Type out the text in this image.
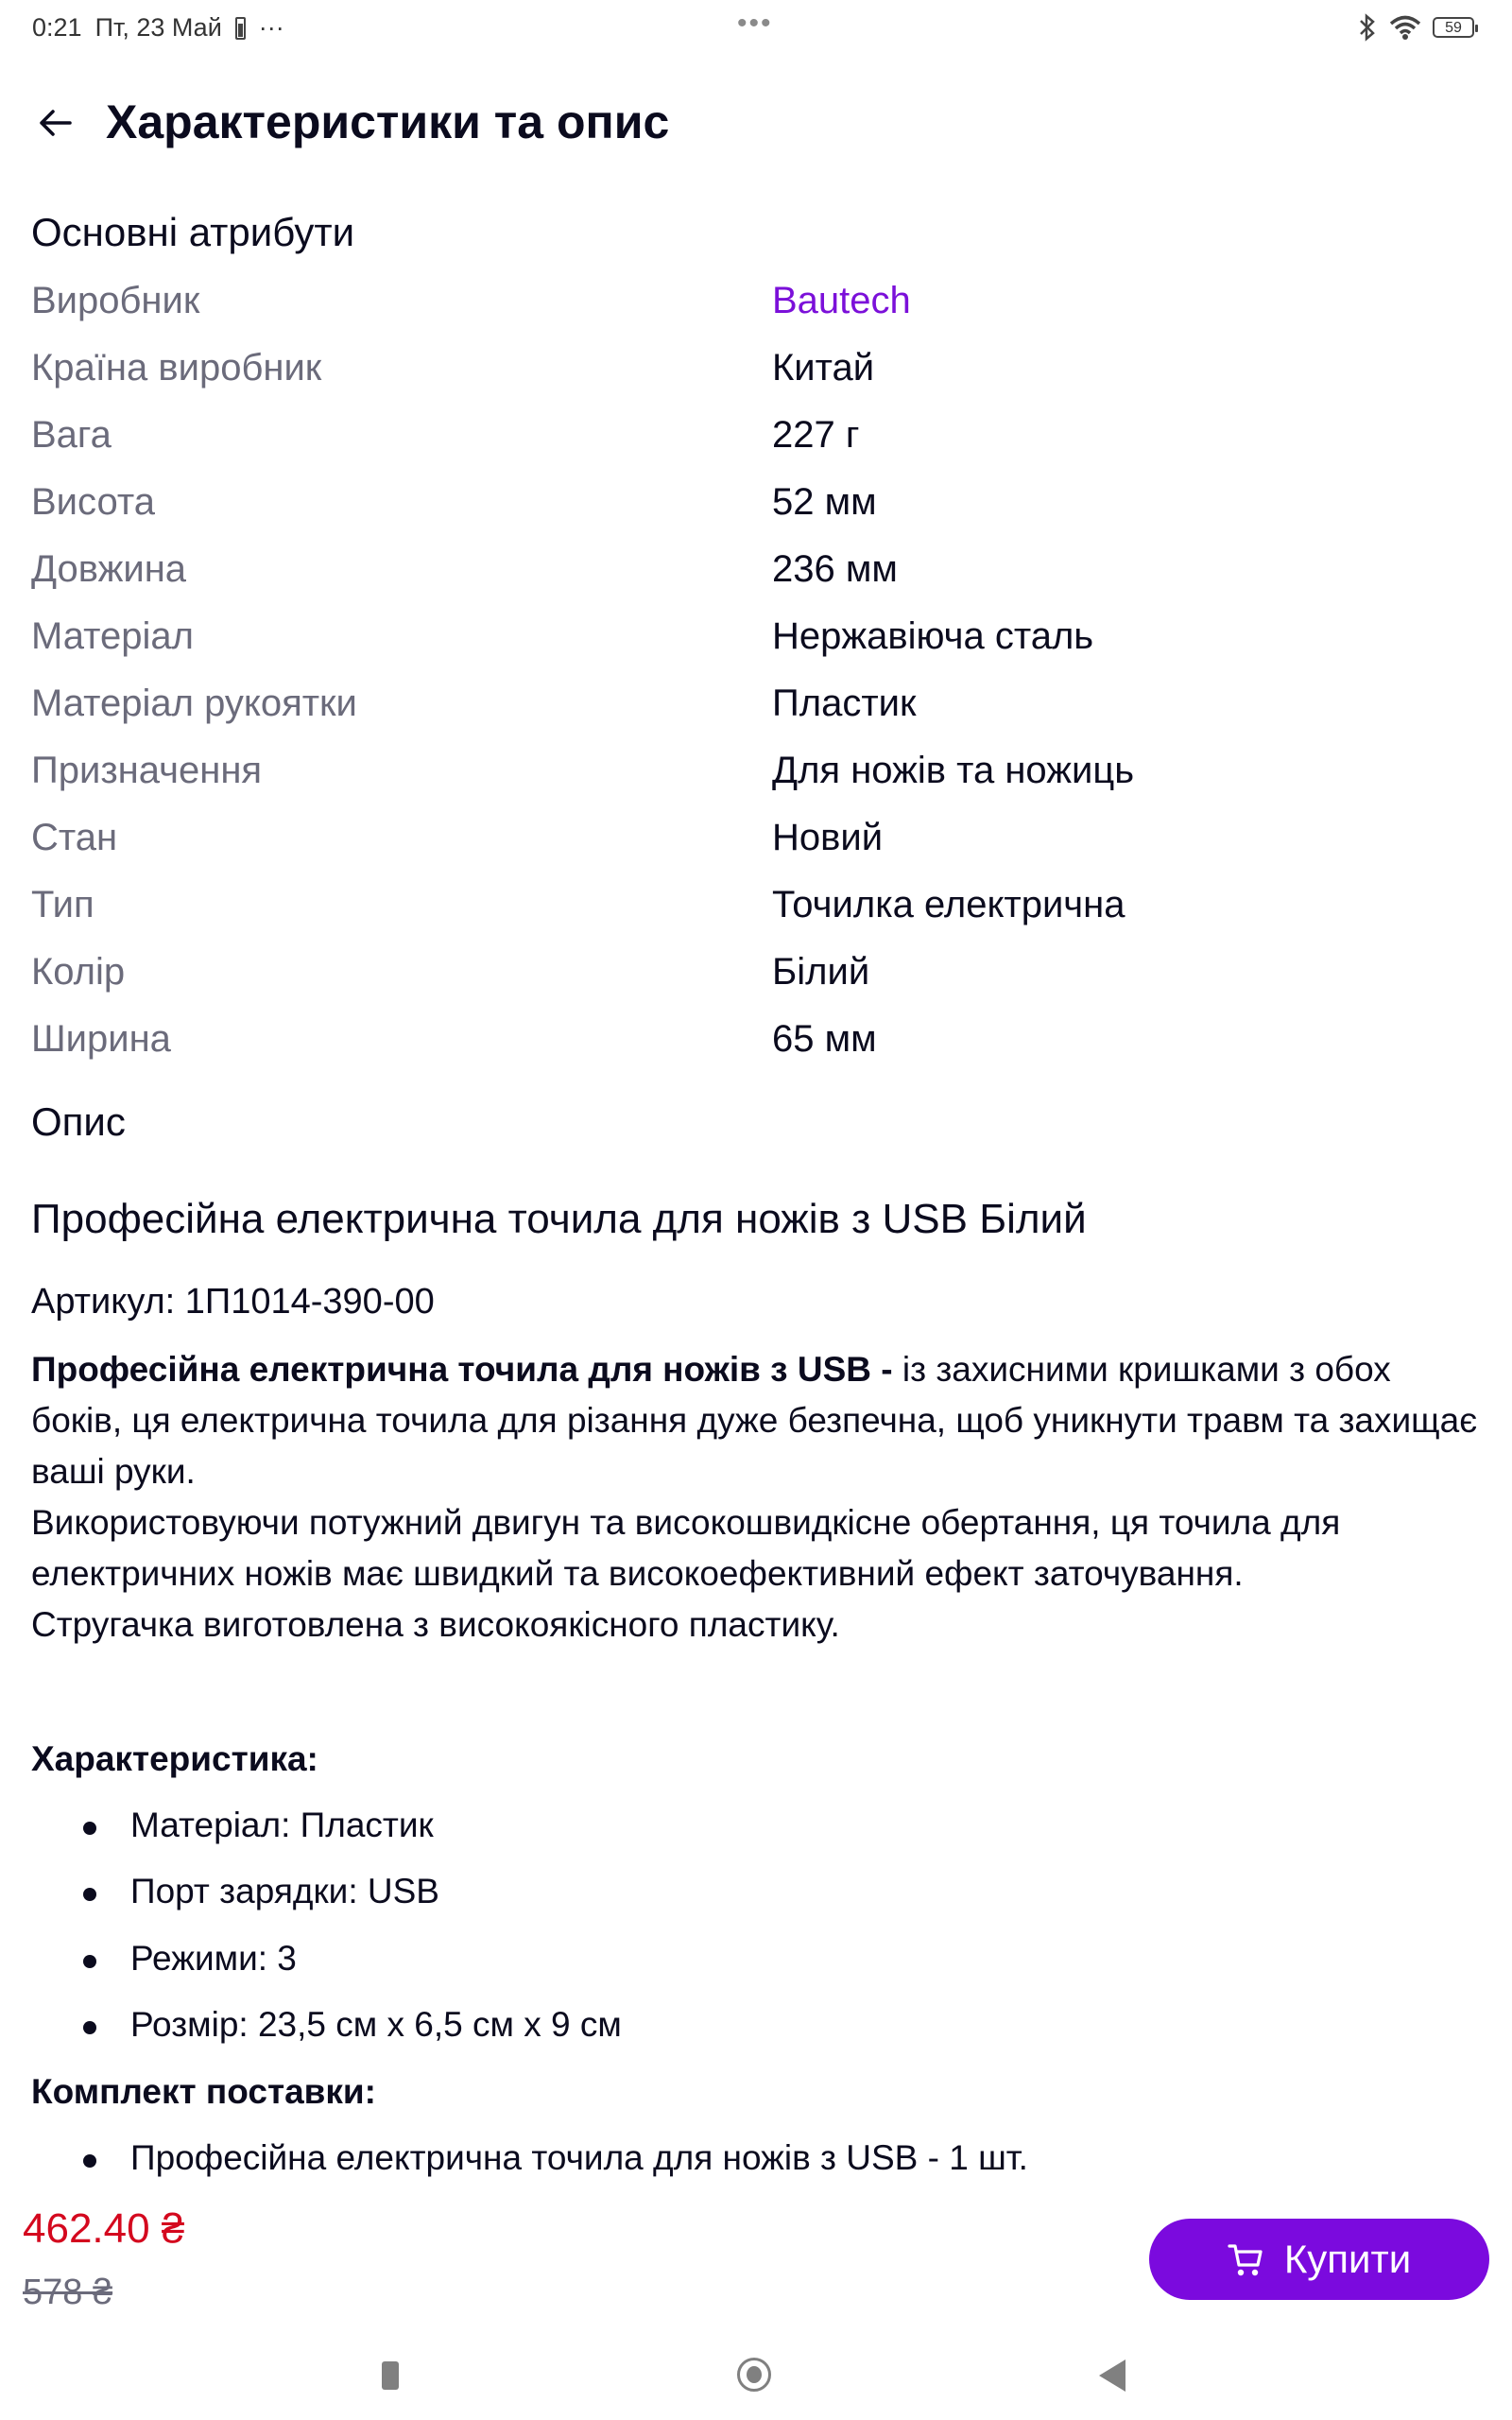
0:21 Пт, 23 Май ···	•••	59
Характеристики та опис
Основні атрибути
Виробник	Bautech
Країна виробник	Китай
Вага	227 г
Висота	52 мм
Довжина	236 мм
Матеріал	Нержавіюча сталь
Матеріал рукоятки	Пластик
Призначення	Для ножів та ножиць
Стан	Новий
Тип	Точилка електрична
Колір	Білий
Ширина	65 мм
Опис
Професійна електрична точила для ножів з USB Білий
Артикул: 1П1014-390-00
Професійна електрична точила для ножів з USB - із захисними кришками з обох боків, ця електрична точила для різання дуже безпечна, щоб уникнути травм та захищає ваші руки.
Використовуючи потужний двигун та високошвидкісне обертання, ця точила для електричних ножів має швидкий та високоефективний ефект заточування.
Стругачка виготовлена з високоякісного пластику.
Характеристика:
Матеріал: Пластик
Порт зарядки: USB
Режими: 3
Розмір: 23,5 см х 6,5 см х 9 см
Комплект поставки:
Професійна електрична точила для ножів з USB - 1 шт.
462.40 ₴
578 ₴
Купити
